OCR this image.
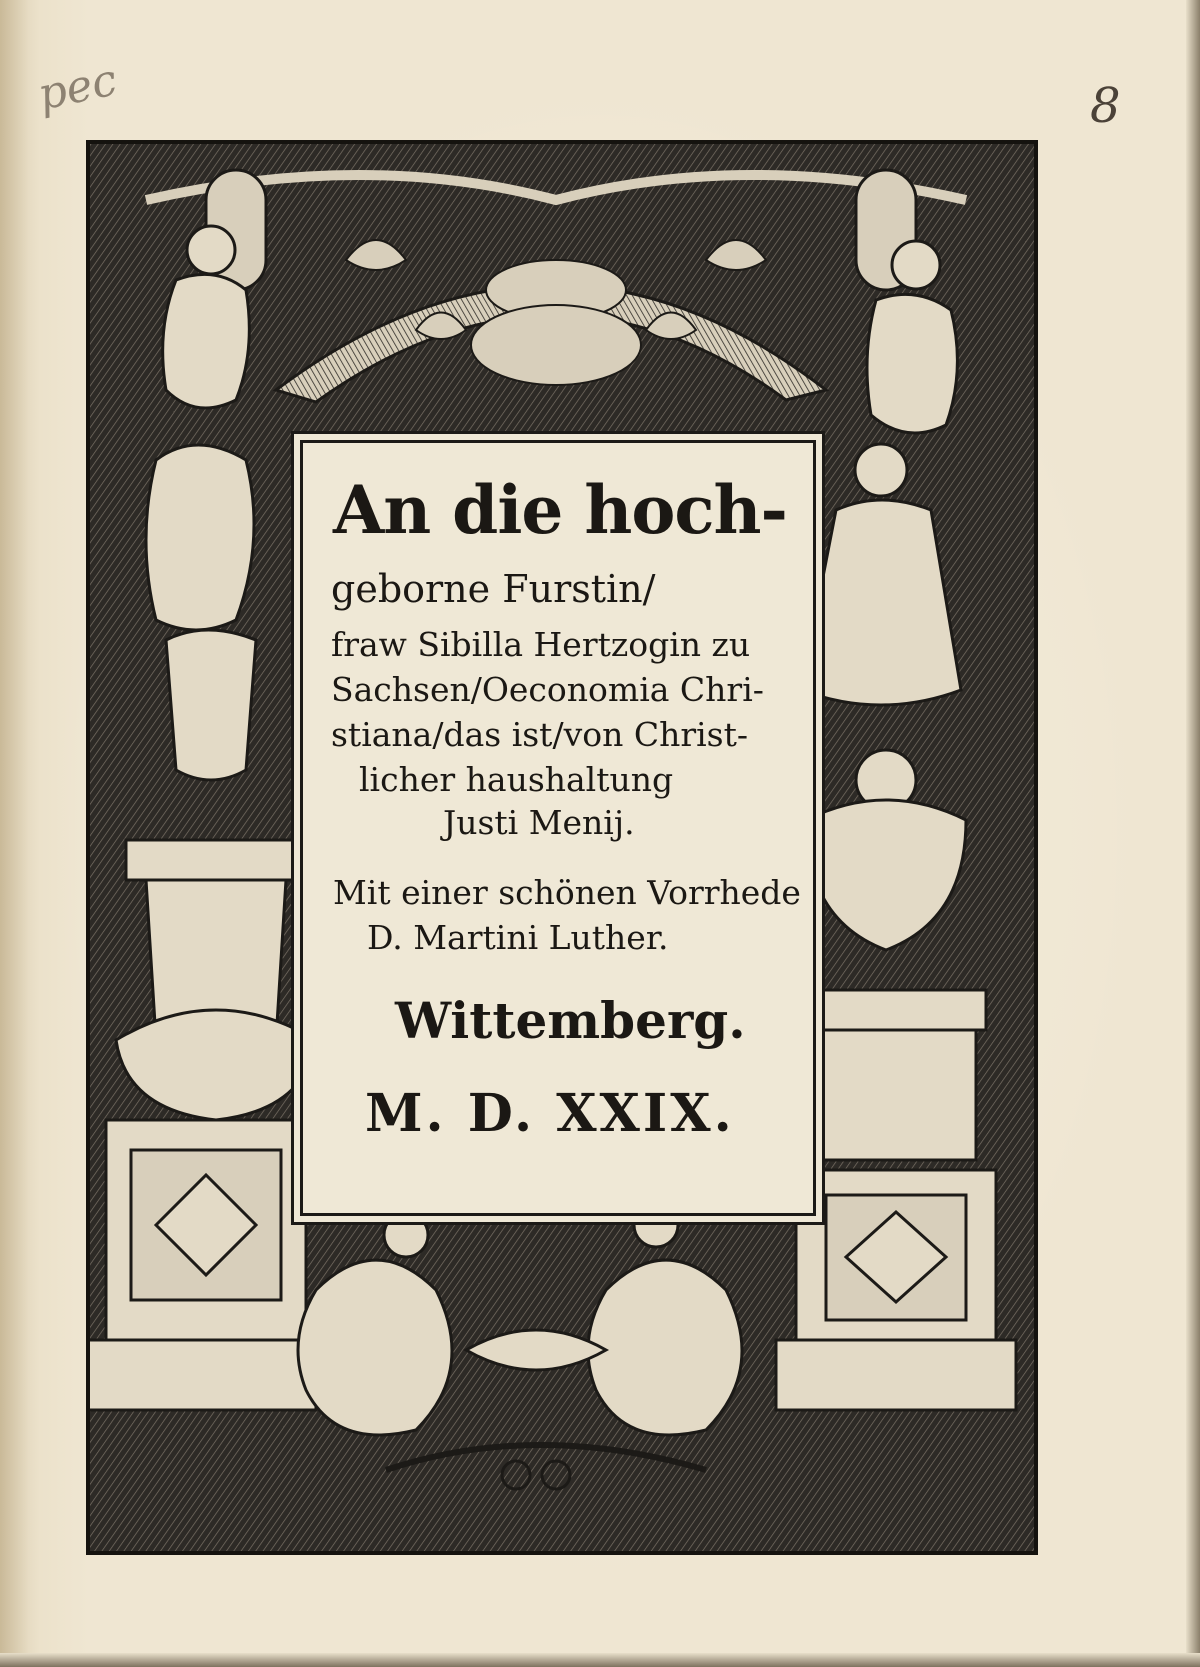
pec	8
An die hoch-
geborne Furstin/
fraw Sibilla Hertzogin zu
Sachsen/Oeconomia Chri-
stiana/das ist/von Christ-
licher haushaltung
Justi Menij.
Mit einer schönen Vorrhede
D. Martini Luther.
Wittemberg.
M. D. XXIX.
